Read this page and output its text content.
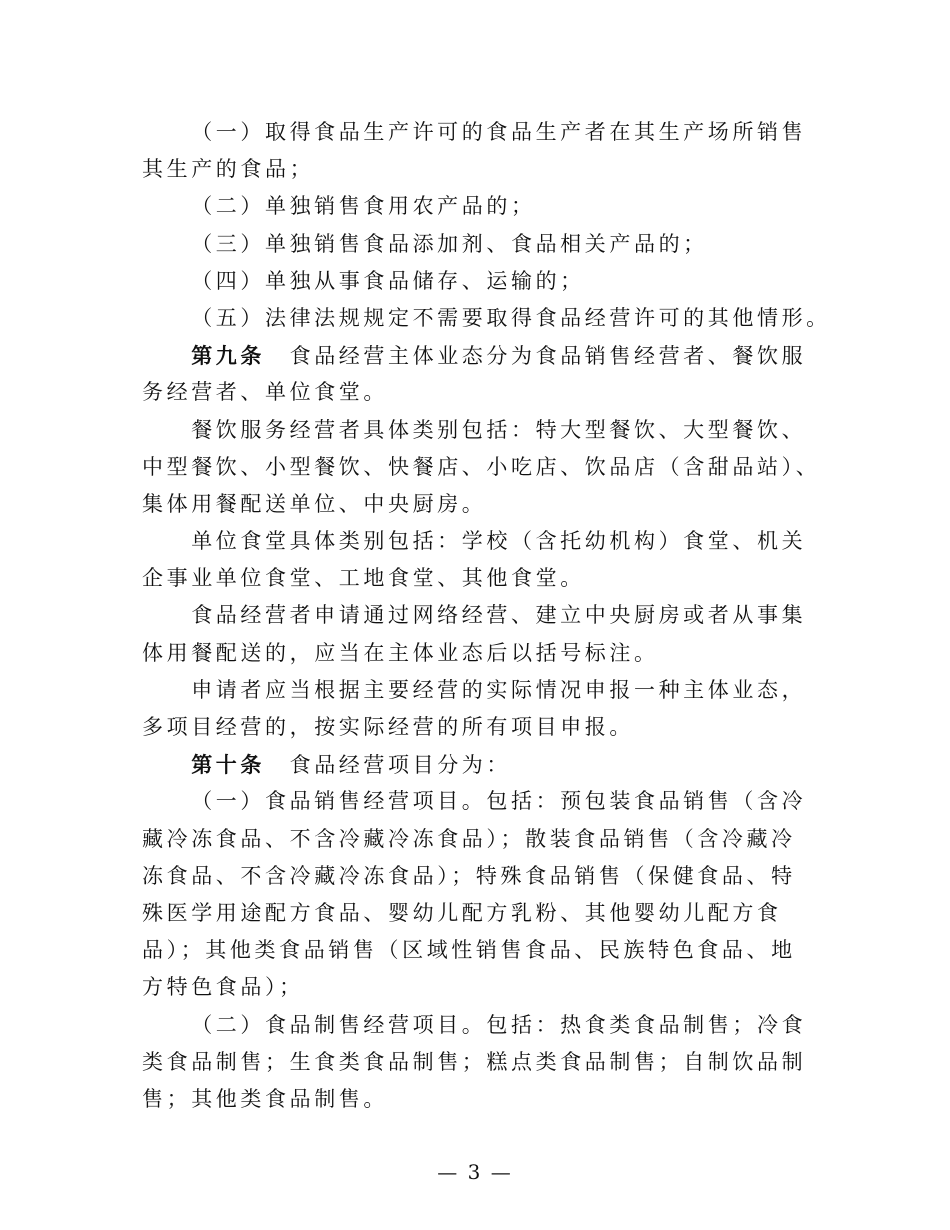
（一）取得食品生产许可的食品生产者在其生产场所销售
其生产的食品；
（二）单独销售食用农产品的；
（三）单独销售食品添加剂、食品相关产品的；
（四）单独从事食品储存、运输的；
（五）法律法规规定不需要取得食品经营许可的其他情形。
第九条 食品经营主体业态分为食品销售经营者、餐饮服
务经营者、单位食堂。
餐饮服务经营者具体类别包括：特大型餐饮、大型餐饮、
中型餐饮、小型餐饮、快餐店、小吃店、饮品店（含甜品站）、
集体用餐配送单位、中央厨房。
单位食堂具体类别包括：学校（含托幼机构）食堂、机关
企事业单位食堂、工地食堂、其他食堂。
食品经营者申请通过网络经营、建立中央厨房或者从事集
体用餐配送的，应当在主体业态后以括号标注。
申请者应当根据主要经营的实际情况申报一种主体业态，
多项目经营的，按实际经营的所有项目申报。
第十条 食品经营项目分为：
（一）食品销售经营项目。包括：预包装食品销售（含冷
藏冷冻食品、不含冷藏冷冻食品）；散装食品销售（含冷藏冷
冻食品、不含冷藏冷冻食品）；特殊食品销售（保健食品、特
殊医学用途配方食品、婴幼儿配方乳粉、其他婴幼儿配方食
品）；其他类食品销售（区域性销售食品、民族特色食品、地
方特色食品）；
（二）食品制售经营项目。包括：热食类食品制售；冷食
类食品制售；生食类食品制售；糕点类食品制售；自制饮品制
售；其他类食品制售。
— 3 —
